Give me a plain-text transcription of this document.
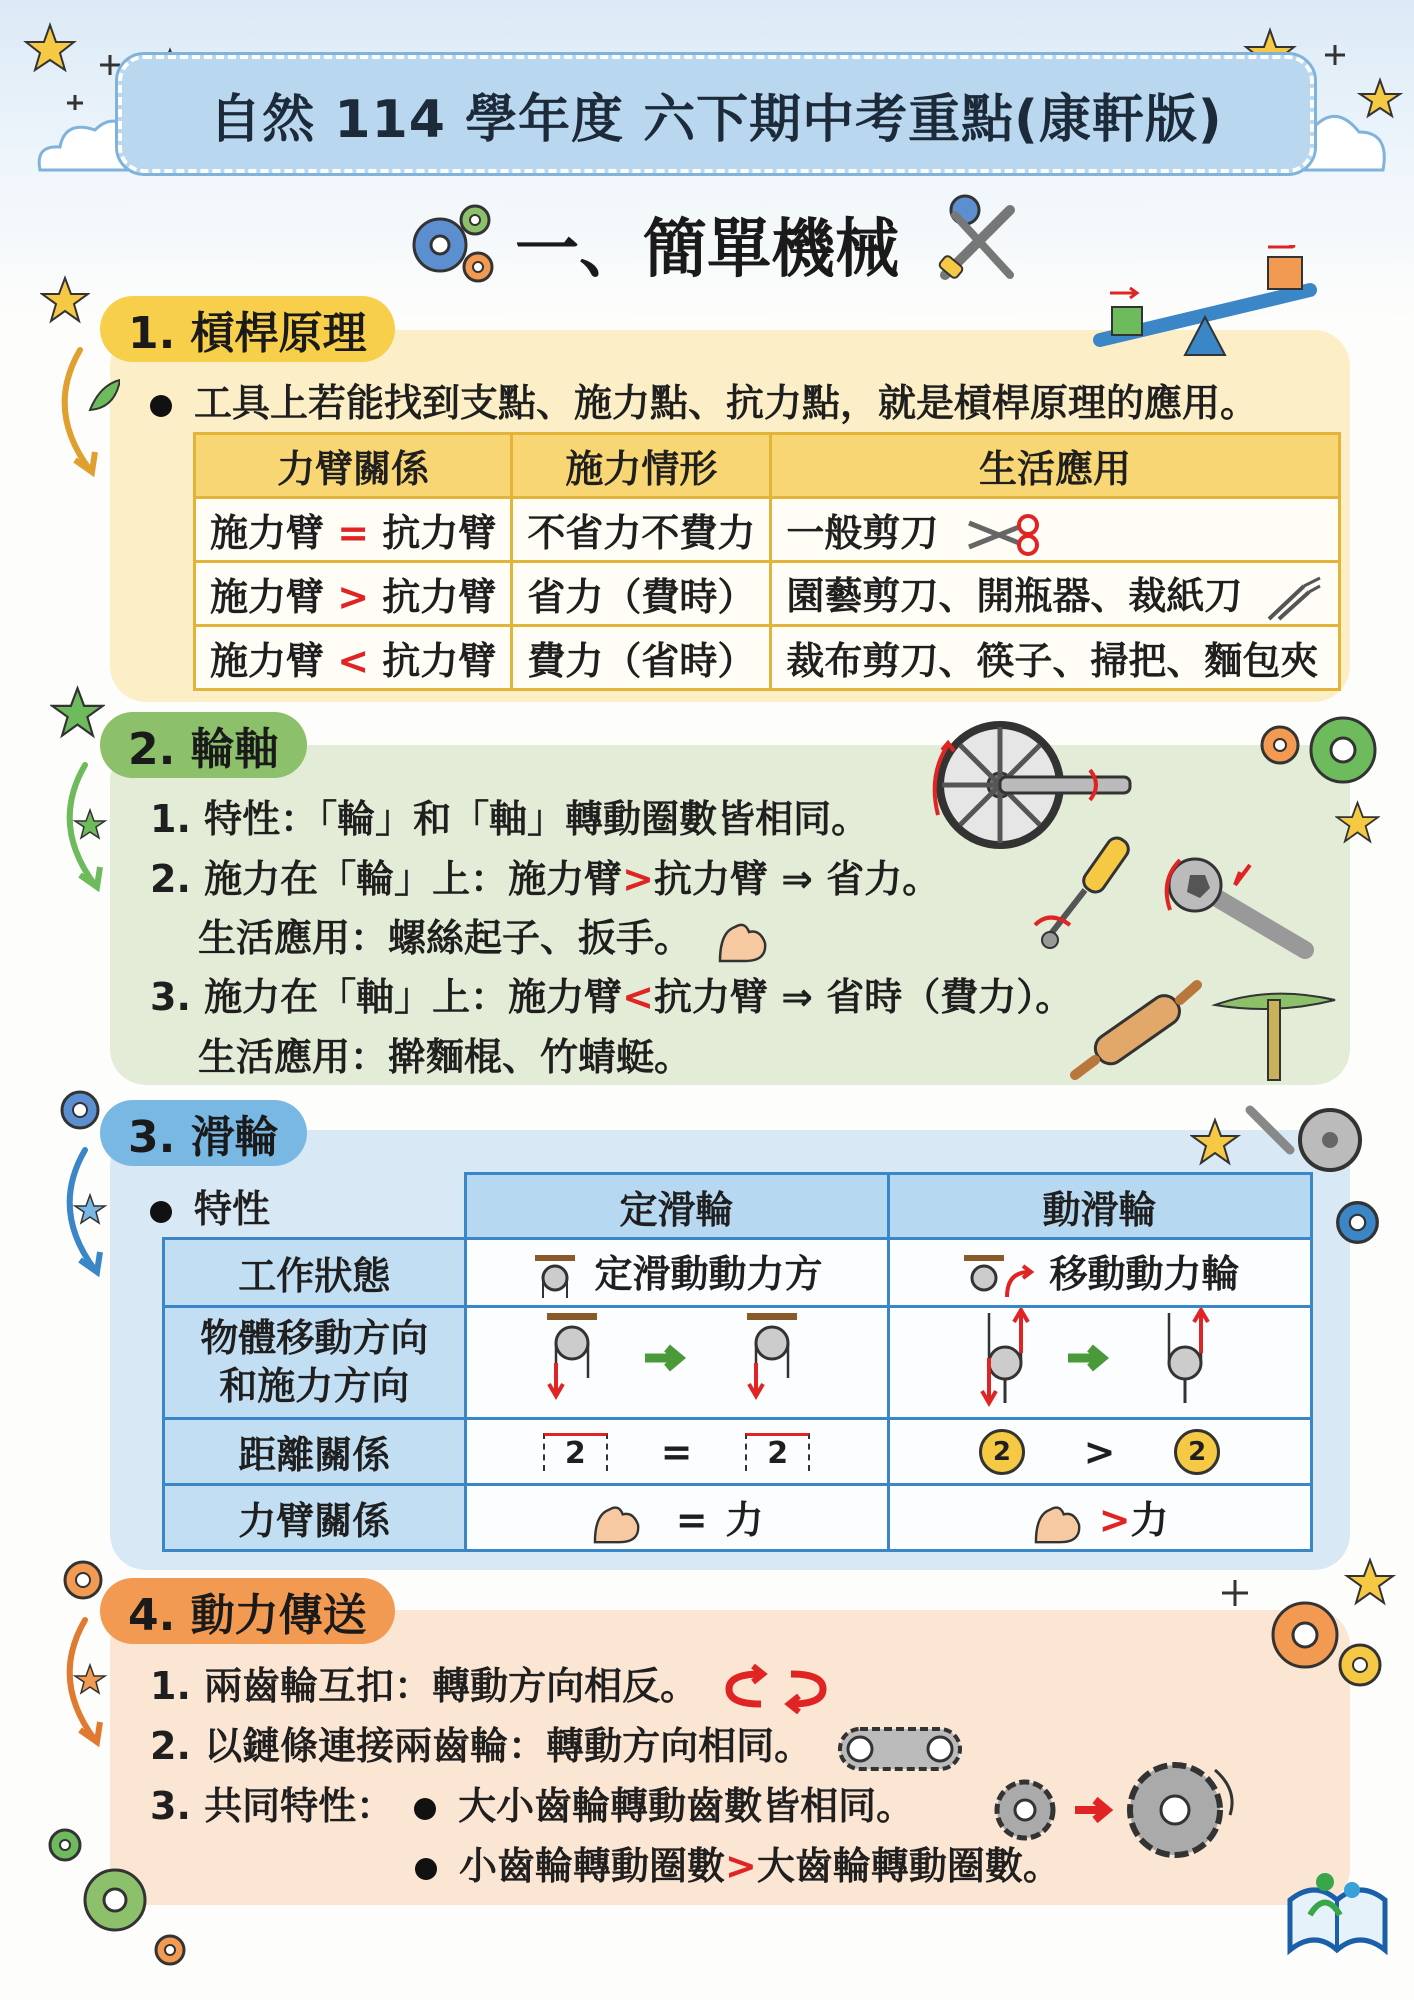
自然 114 學年度 六下期中考重點(康軒版)
一、簡單機械
1. 槓桿原理
工具上若能找到支點、施力點、抗力點，就是槓桿原理的應用。
力臂關係	施力情形	生活應用
施力臂 = 抗力臂	不省力不費力	一般剪刀
施力臂 > 抗力臂	省力（費時）	園藝剪刀、開瓶器、裁紙刀
施力臂 < 抗力臂	費力（省時）	裁布剪刀、筷子、掃把、麵包夾
2. 輪軸
1. 特性：「輪」和「軸」轉動圈數皆相同。
2. 施力在「輪」上：施力臂>抗力臂 ⇒ 省力。
生活應用：螺絲起子、扳手。
3. 施力在「軸」上：施力臂<抗力臂 ⇒ 省時（費力）。
生活應用：擀麵棍、竹蜻蜓。
3. 滑輪
特性
		定滑輪	動滑輪
工作狀態	定滑動動力方	移動動力輪
物體移動方向
和施力方向		
距離關係	2 = 2	2 > 2

力臂關係	= 力	>力
4. 動力傳送
1. 兩齒輪互扣：轉動方向相反。
2. 以鏈條連接兩齒輪：轉動方向相同。
3. 共同特性： 大小齒輪轉動齒數皆相同。
小齒輪轉動圈數>大齒輪轉動圈數。
